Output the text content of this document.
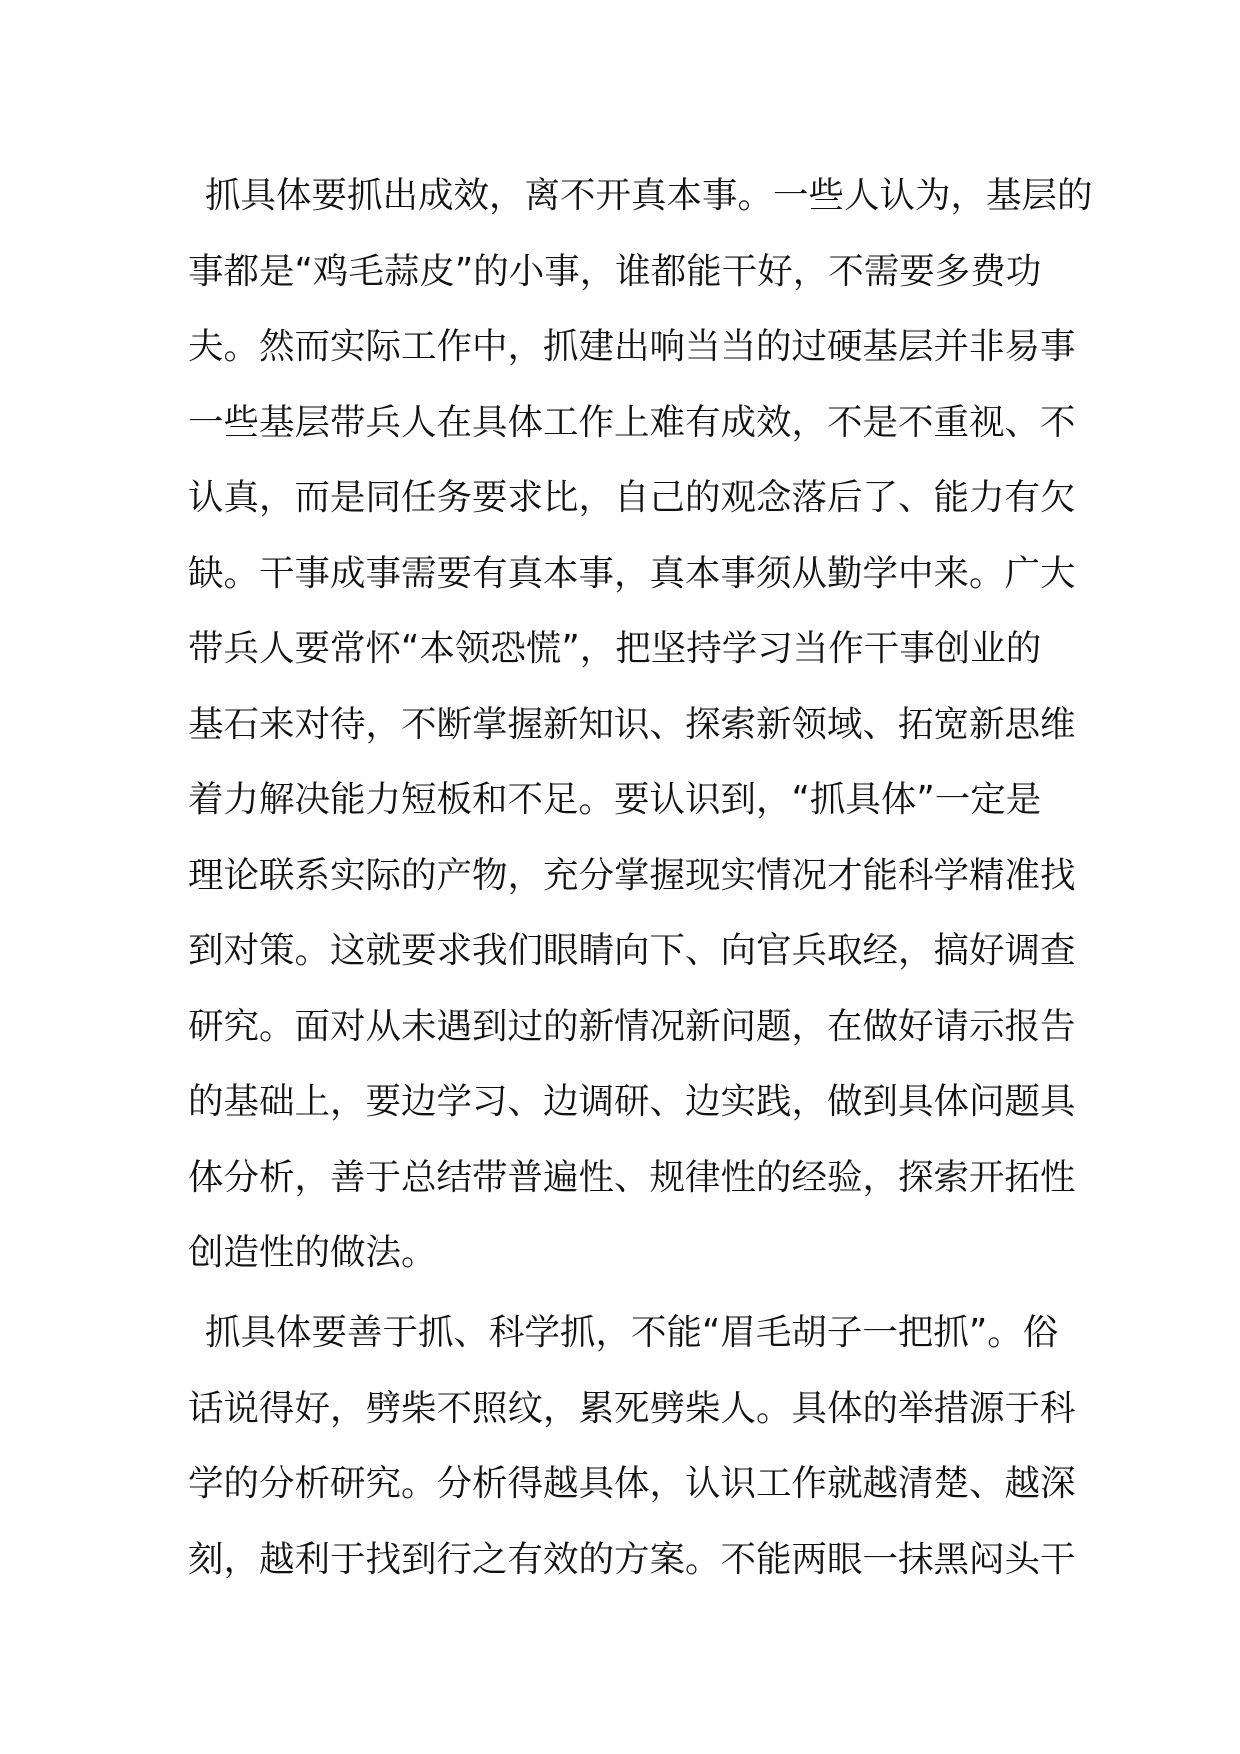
抓具体要抓出成效，离不开真本事。一些人认为，基层的
事都是“鸡毛蒜皮”的小事，谁都能干好，不需要多费功
夫。然而实际工作中，抓建出响当当的过硬基层并非易事
一些基层带兵人在具体工作上难有成效，不是不重视、不
认真，而是同任务要求比，自己的观念落后了、能力有欠
缺。干事成事需要有真本事，真本事须从勤学中来。广大
带兵人要常怀“本领恐慌”，把坚持学习当作干事创业的
基石来对待，不断掌握新知识、探索新领域、拓宽新思维
着力解决能力短板和不足。要认识到，“抓具体”一定是
理论联系实际的产物，充分掌握现实情况才能科学精准找
到对策。这就要求我们眼睛向下、向官兵取经，搞好调查
研究。面对从未遇到过的新情况新问题，在做好请示报告
的基础上，要边学习、边调研、边实践，做到具体问题具
体分析，善于总结带普遍性、规律性的经验，探索开拓性
创造性的做法。
抓具体要善于抓、科学抓，不能“眉毛胡子一把抓”。俗
话说得好，劈柴不照纹，累死劈柴人。具体的举措源于科
学的分析研究。分析得越具体，认识工作就越清楚、越深
刻，越利于找到行之有效的方案。不能两眼一抹黑闷头干
